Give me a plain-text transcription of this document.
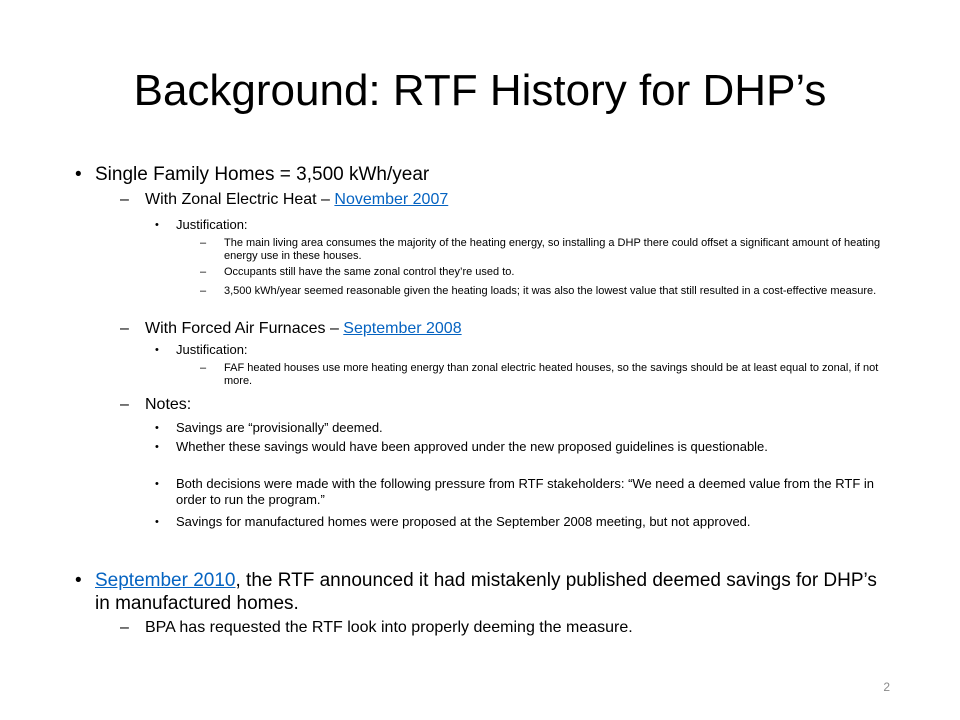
Background: RTF History for DHP’s
• Single Family Homes = 3,500 kWh/year
–	With Zonal Electric Heat – November 2007
•	Justification:
–	The main living area consumes the majority of the heating energy, so installing a DHP there could offset a significant amount of heating energy use in these houses.
–	Occupants still have the same zonal control they’re used to.
–	3,500 kWh/year seemed reasonable given the heating loads; it was also the lowest value that still resulted in a cost-effective measure.
–	With Forced Air Furnaces – September 2008
•	Justification:
–	FAF heated houses use more heating energy than zonal electric heated houses, so the savings should be at least equal to zonal, if not more.
–	Notes:
•	Savings are “provisionally” deemed.
•	Whether these savings would have been approved under the new proposed guidelines is questionable.
•	Both decisions were made with the following pressure from RTF stakeholders: “We need a deemed value from the RTF in order to run the program.”
•	Savings for manufactured homes were proposed at the September 2008 meeting, but not approved.
• September 2010, the RTF announced it had mistakenly published deemed savings for DHP’s in manufactured homes.
–	BPA has requested the RTF look into properly deeming the measure.
2
